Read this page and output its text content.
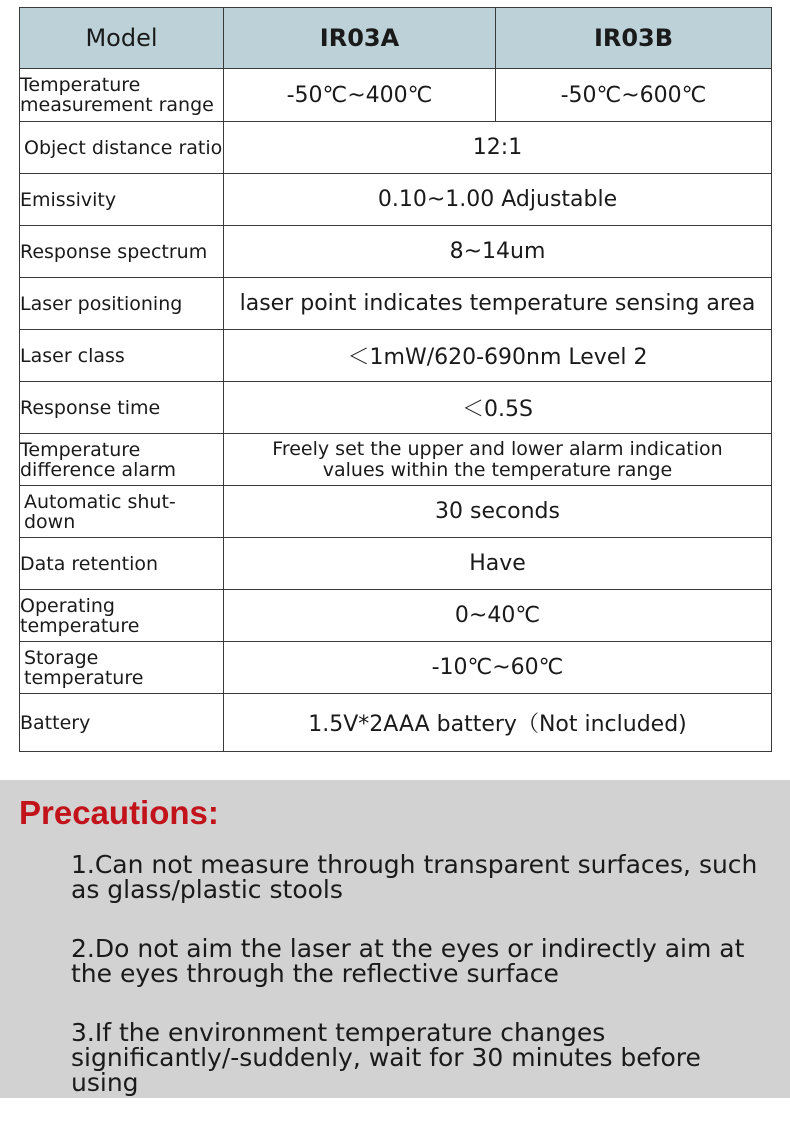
Model	IR03A	IR03B
Temperature measurement range	-50℃~400℃	-50℃~600℃
Object distance ratio	12:1	
Emissivity	0.10~1.00 Adjustable	
Response spectrum	8~14um	
Laser positioning	laser point indicates temperature sensing area	
Laser class	＜1mW/620-690nm Level 2	
Response time	＜0.5S	
Temperature difference alarm	Freely set the upper and lower alarm indication values within the temperature range	
Automatic shut-down	30 seconds	
Data retention	Have	
Operating temperature	0~40℃	
Storage temperature	-10℃~60℃	
Battery	1.5V*2AAA battery（Not included)	
Precautions:
1.Can not measure through transparent surfaces, such as glass/plastic stools
2.Do not aim the laser at the eyes or indirectly aim at the eyes through the reflective surface
3.If the environment temperature changes significantly/-suddenly, wait for 30 minutes before using
